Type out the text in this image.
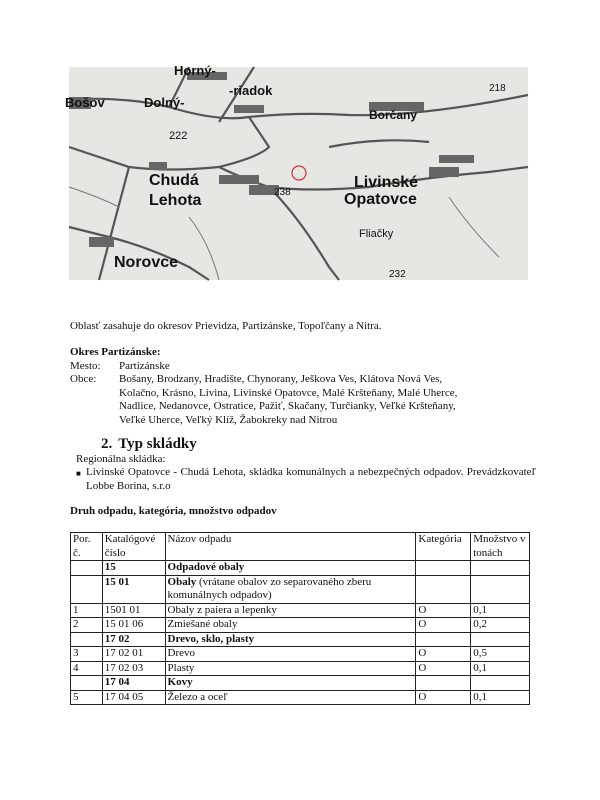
Horný-
Dolný-
-riadok
Bošov
Borčany
218
222
Chudá
Lehota	238
Livinské
Opatovce
Fliačky
Norovce
232
Oblasť zasahuje do okresov Prievidza, Partizánske, Topoľčany a Nitra.
Okres Partizánske:
Mesto:	Partizánske
Obce:	Bošany, Brodzany, Hradište, Chynorany, Ješkova Ves, Klátova Nová Ves,
Kolačno, Krásno, Livina, Livinské Opatovce, Malé Kršteňany, Malé Uherce,
Nadlice, Nedanovce, Ostratice, Pažiť, Skačany, Turčianky, Veľké Kršteňany,
Veľké Uherce, Veľký Klíž, Žabokreky nad Nitrou
2. Typ skládky
Regionálna skládka:
■ Livinské Opatovce - Chudá Lehota, skládka komunálnych a nebezpečných odpadov. Prevádzkovateľ Lobbe Borina, s.r.o
Druh odpadu, kategória, množstvo odpadov
Por. č.	Katalógové číslo	Názov odpadu	Kategória	Množstvo v tonách
	15	Odpadové obaly		
	15 01	Obaly (vrátane obalov zo separovaného zberu komunálnych odpadov)		
1	1501 01	Obaly z paiera a lepenky	O	0,1
2	15 01 06	Zmiešané obaly	O	0,2
	17 02	Drevo, sklo, plasty		
3	17 02 01	Drevo	O	0,5
4	17 02 03	Plasty	O	0,1
	17 04	Kovy		
5	17 04 05	Železo a oceľ	O	0,1
